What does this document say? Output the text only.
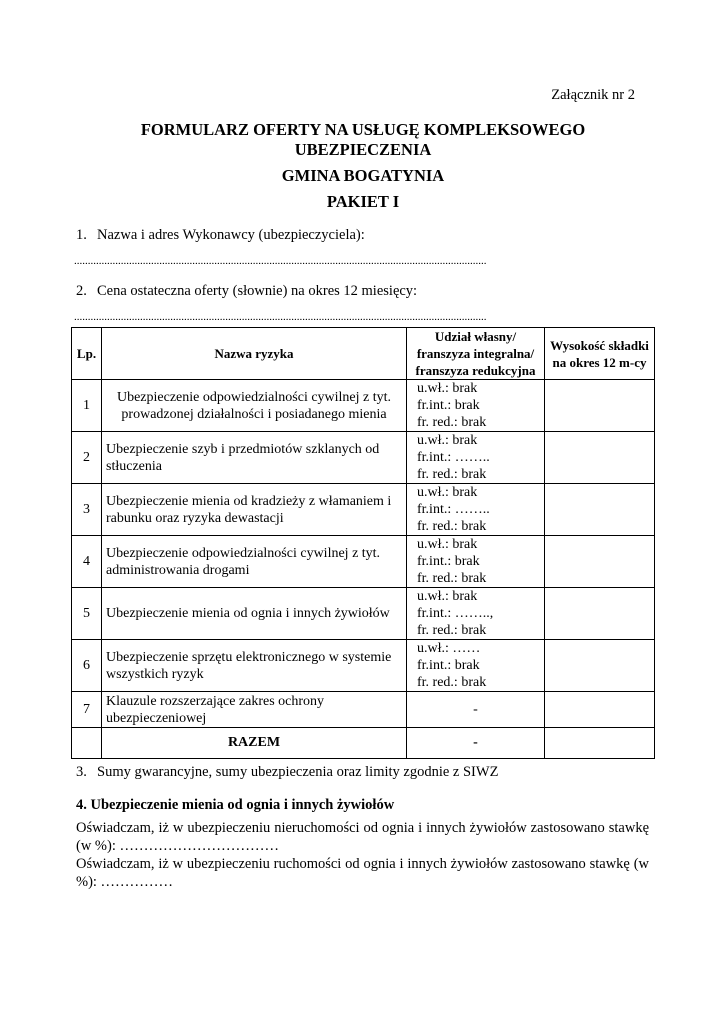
Załącznik nr 2
FORMULARZ OFERTY NA USŁUGĘ KOMPLEKSOWEGO
UBEZPIECZENIA
GMINA BOGATYNIA
PAKIET I
1. Nazwa i adres Wykonawcy (ubezpieczyciela):
......................................................................................................................................................
2. Cena ostateczna oferty (słownie) na okres 12 miesięcy:
......................................................................................................................................................
Lp.	Nazwa ryzyka	Udział własny/ franszyza integralna/ franszyza redukcyjna	Wysokość składki na okres 12 m-cy
1	Ubezpieczenie odpowiedzialności cywilnej z tyt. prowadzonej działalności i posiadanego mienia	u.wł.: brak
fr.int.: brak
fr. red.: brak	

2	Ubezpieczenie szyb i przedmiotów szklanych od stłuczenia	u.wł.: brak
fr.int.: ……..
fr. red.: brak	

3	Ubezpieczenie mienia od kradzieży z włamaniem i rabunku oraz ryzyka dewastacji	u.wł.: brak
fr.int.: ……..
fr. red.: brak	

4	Ubezpieczenie odpowiedzialności cywilnej z tyt. administrowania drogami	u.wł.: brak
fr.int.: brak
fr. red.: brak	

5	Ubezpieczenie mienia od ognia i innych żywiołów	u.wł.: brak
fr.int.: ……..,
fr. red.: brak	

6	Ubezpieczenie sprzętu elektronicznego w systemie wszystkich ryzyk	u.wł.: ……
fr.int.: brak
fr. red.: brak	

7	Klauzule rozszerzające zakres ochrony ubezpieczeniowej	-	
	RAZEM	-	
3. Sumy gwarancyjne, sumy ubezpieczenia oraz limity zgodnie z SIWZ
4. Ubezpieczenie mienia od ognia i innych żywiołów
Oświadczam, iż w ubezpieczeniu nieruchomości od ognia i innych żywiołów zastosowano stawkę (w %): ……………………………
Oświadczam, iż w ubezpieczeniu ruchomości od ognia i innych żywiołów zastosowano stawkę (w %): ……………
